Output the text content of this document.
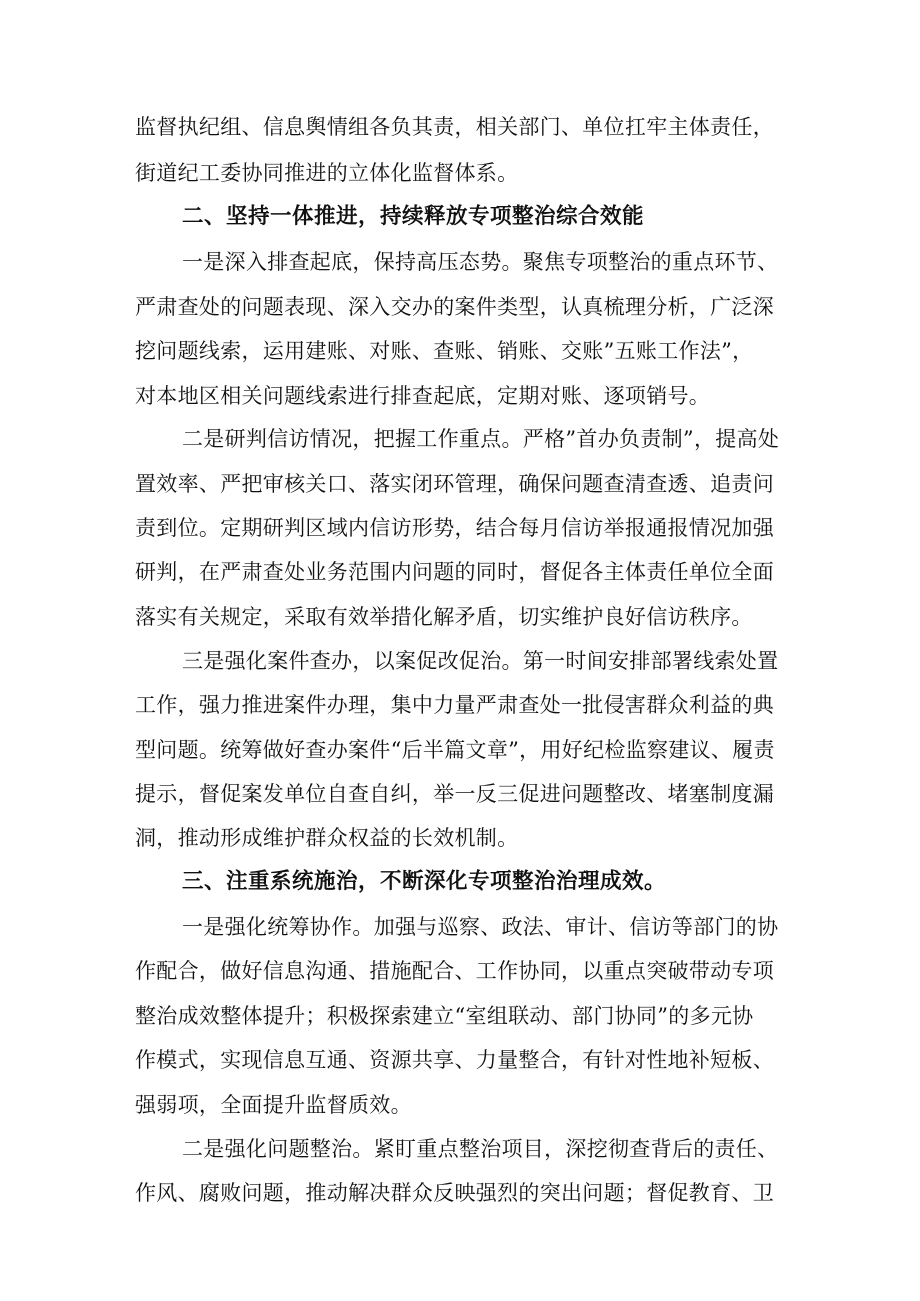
监督执纪组、信息舆情组各负其责，相关部门、单位扛牢主体责任，
街道纪工委协同推进的立体化监督体系。
二、坚持一体推进，持续释放专项整治综合效能
一是深入排查起底，保持高压态势。聚焦专项整治的重点环节、
严肃查处的问题表现、深入交办的案件类型，认真梳理分析，广泛深
挖问题线索，运用建账、对账、查账、销账、交账”五账工作法”，
对本地区相关问题线索进行排查起底，定期对账、逐项销号。
二是研判信访情况，把握工作重点。严格”首办负责制”，提高处
置效率、严把审核关口、落实闭环管理，确保问题查清查透、追责问
责到位。定期研判区域内信访形势，结合每月信访举报通报情况加强
研判，在严肃查处业务范围内问题的同时，督促各主体责任单位全面
落实有关规定，采取有效举措化解矛盾，切实维护良好信访秩序。
三是强化案件查办，以案促改促治。第一时间安排部署线索处置
工作，强力推进案件办理，集中力量严肃查处一批侵害群众利益的典
型问题。统筹做好查办案件“后半篇文章”，用好纪检监察建议、履责
提示，督促案发单位自查自纠，举一反三促进问题整改、堵塞制度漏
洞，推动形成维护群众权益的长效机制。
三、注重系统施治，不断深化专项整治治理成效。
一是强化统筹协作。加强与巡察、政法、审计、信访等部门的协
作配合，做好信息沟通、措施配合、工作协同，以重点突破带动专项
整治成效整体提升；积极探索建立“室组联动、部门协同”的多元协
作模式，实现信息互通、资源共享、力量整合，有针对性地补短板、
强弱项，全面提升监督质效。
二是强化问题整治。紧盯重点整治项目，深挖彻查背后的责任、
作风、腐败问题，推动解决群众反映强烈的突出问题；督促教育、卫
